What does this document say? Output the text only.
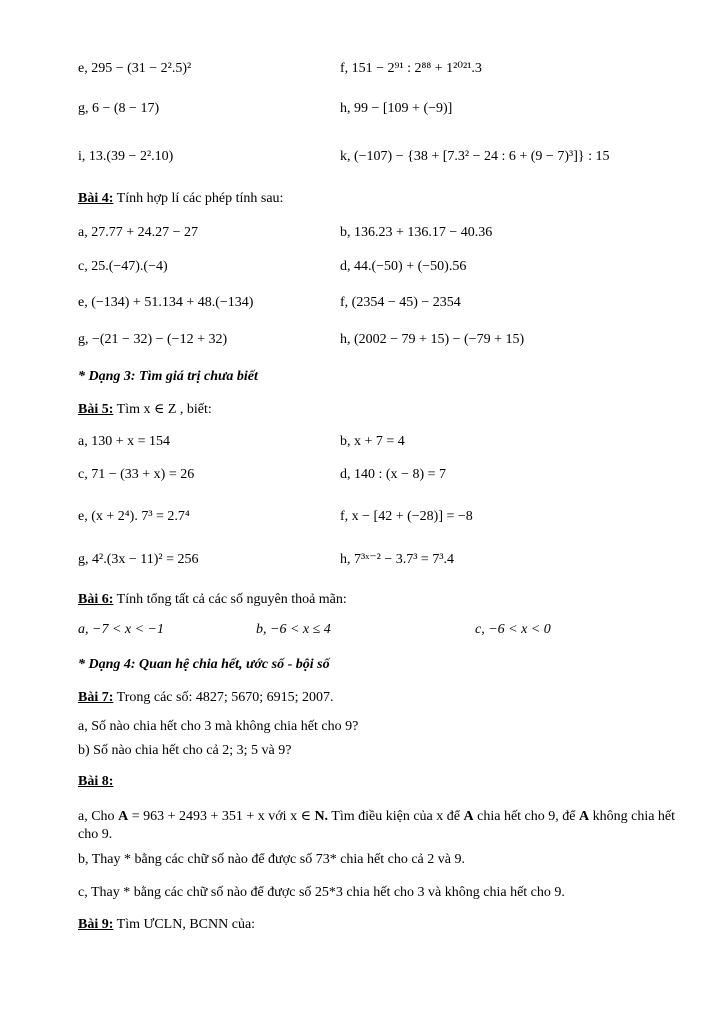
e, 295 − (31 − 2².5)²	f, 151 − 2⁹¹ : 2⁸⁸ + 1²⁰²¹.3
g, 6 − (8 − 17)	h, 99 − [109 + (−9)]
i, 13.(39 − 2².10)	k, (−107) − {38 + [7.3² − 24 : 6 + (9 − 7)³]} : 15
Bài 4: Tính hợp lí các phép tính sau:
a, 27.77 + 24.27 − 27	b, 136.23 + 136.17 − 40.36
c, 25.(−47).(−4)	d, 44.(−50) + (−50).56
e, (−134) + 51.134 + 48.(−134)	f, (2354 − 45) − 2354
g, −(21 − 32) − (−12 + 32)	h, (2002 − 79 + 15) − (−79 + 15)
* Dạng 3: Tìm giá trị chưa biết
Bài 5: Tìm x ∈ Z , biết:
a, 130 + x = 154	b, x + 7 = 4
c, 71 − (33 + x) = 26	d, 140 : (x − 8) = 7
e, (x + 2⁴). 7³ = 2.7⁴	f, x − [42 + (−28)] = −8
g, 4².(3x − 11)² = 256	h, 7³ˣ⁻² − 3.7³ = 7³.4
Bài 6: Tính tổng tất cả các số nguyên thoả mãn:
a, −7 < x < −1	b, −6 < x ≤ 4	c, −6 < x < 0
* Dạng 4: Quan hệ chia hết, ước số - bội số
Bài 7: Trong các số: 4827; 5670; 6915; 2007.
a, Số nào chia hết cho 3 mà không chia hết cho 9?
b) Số nào chia hết cho cả 2; 3; 5 và 9?
Bài 8:
a, Cho A = 963 + 2493 + 351 + x với x ∈ N. Tìm điều kiện của x để A chia hết cho 9, để A không chia hết cho 9.
b, Thay * bằng các chữ số nào để được số 73* chia hết cho cả 2 và 9.
c, Thay * bằng các chữ số nào để được số 25*3 chia hết cho 3 và không chia hết cho 9.
Bài 9: Tìm ƯCLN, BCNN của:
